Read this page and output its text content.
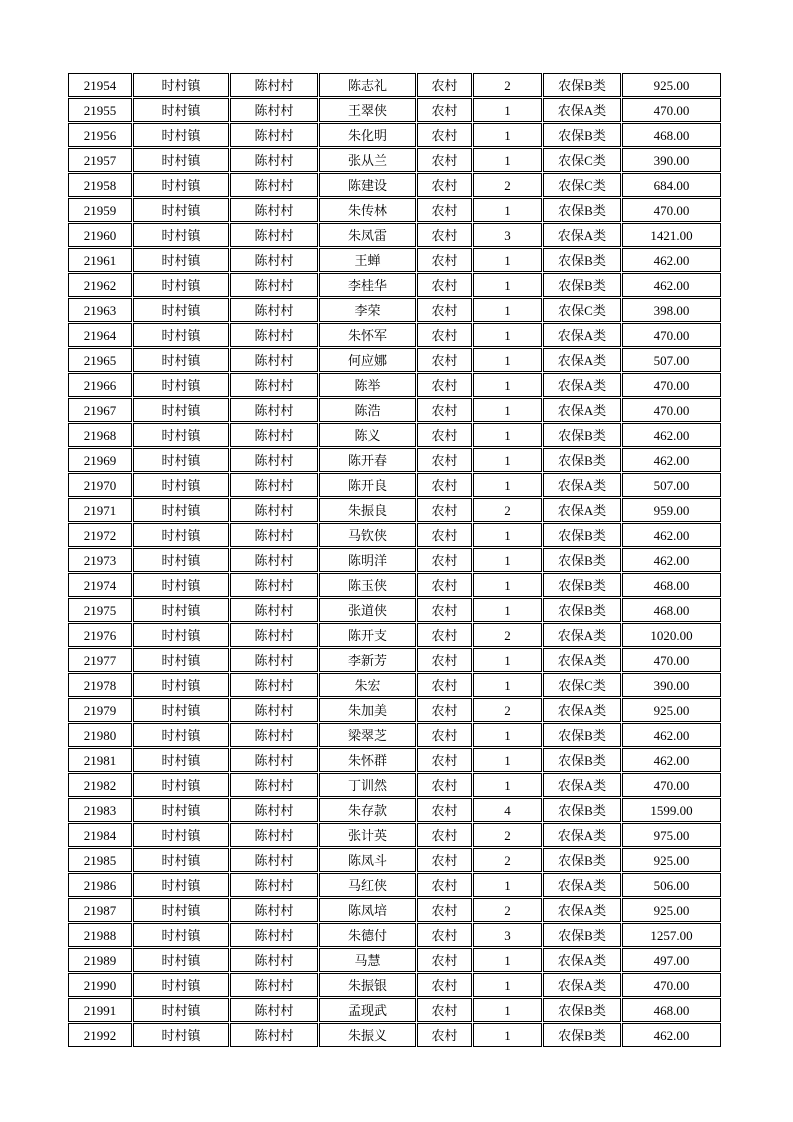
21954	时村镇	陈村村	陈志礼	农村	2	农保B类	925.00
21955	时村镇	陈村村	王翠侠	农村	1	农保A类	470.00
21956	时村镇	陈村村	朱化明	农村	1	农保B类	468.00
21957	时村镇	陈村村	张从兰	农村	1	农保C类	390.00
21958	时村镇	陈村村	陈建设	农村	2	农保C类	684.00
21959	时村镇	陈村村	朱传林	农村	1	农保B类	470.00
21960	时村镇	陈村村	朱凤雷	农村	3	农保A类	1421.00
21961	时村镇	陈村村	王蝉	农村	1	农保B类	462.00
21962	时村镇	陈村村	李桂华	农村	1	农保B类	462.00
21963	时村镇	陈村村	李荣	农村	1	农保C类	398.00
21964	时村镇	陈村村	朱怀军	农村	1	农保A类	470.00
21965	时村镇	陈村村	何应娜	农村	1	农保A类	507.00
21966	时村镇	陈村村	陈举	农村	1	农保A类	470.00
21967	时村镇	陈村村	陈浩	农村	1	农保A类	470.00
21968	时村镇	陈村村	陈义	农村	1	农保B类	462.00
21969	时村镇	陈村村	陈开春	农村	1	农保B类	462.00
21970	时村镇	陈村村	陈开良	农村	1	农保A类	507.00
21971	时村镇	陈村村	朱振良	农村	2	农保A类	959.00
21972	时村镇	陈村村	马钦侠	农村	1	农保B类	462.00
21973	时村镇	陈村村	陈明洋	农村	1	农保B类	462.00
21974	时村镇	陈村村	陈玉侠	农村	1	农保B类	468.00
21975	时村镇	陈村村	张道侠	农村	1	农保B类	468.00
21976	时村镇	陈村村	陈开支	农村	2	农保A类	1020.00
21977	时村镇	陈村村	李新芳	农村	1	农保A类	470.00
21978	时村镇	陈村村	朱宏	农村	1	农保C类	390.00
21979	时村镇	陈村村	朱加美	农村	2	农保A类	925.00
21980	时村镇	陈村村	梁翠芝	农村	1	农保B类	462.00
21981	时村镇	陈村村	朱怀群	农村	1	农保B类	462.00
21982	时村镇	陈村村	丁训然	农村	1	农保A类	470.00
21983	时村镇	陈村村	朱存款	农村	4	农保B类	1599.00
21984	时村镇	陈村村	张计英	农村	2	农保A类	975.00
21985	时村镇	陈村村	陈凤斗	农村	2	农保B类	925.00
21986	时村镇	陈村村	马红侠	农村	1	农保A类	506.00
21987	时村镇	陈村村	陈凤培	农村	2	农保A类	925.00
21988	时村镇	陈村村	朱德付	农村	3	农保B类	1257.00
21989	时村镇	陈村村	马慧	农村	1	农保A类	497.00
21990	时村镇	陈村村	朱振银	农村	1	农保A类	470.00
21991	时村镇	陈村村	孟现武	农村	1	农保B类	468.00
21992	时村镇	陈村村	朱振义	农村	1	农保B类	462.00
